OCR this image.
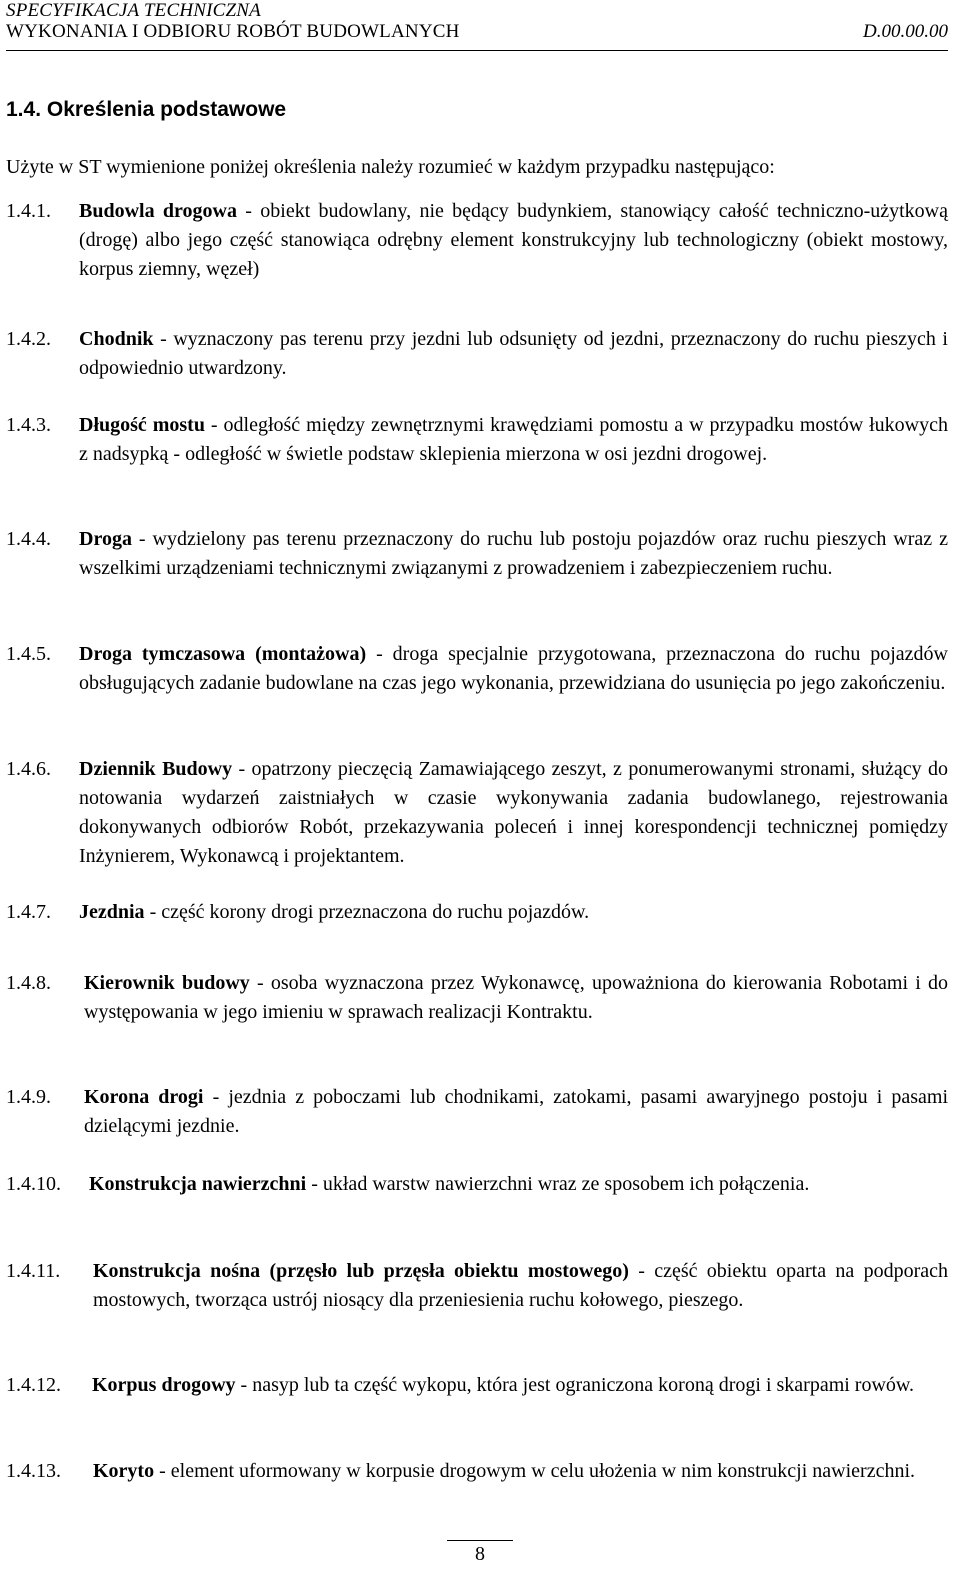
SPECYFIKACJA TECHNICZNA
WYKONANIA I ODBIORU ROBÓT BUDOWLANYCH	D.00.00.00
1.4. Określenia podstawowe
Użyte w ST wymienione poniżej określenia należy rozumieć w każdym przypadku następująco:
1.4.1.	Budowla drogowa - obiekt budowlany, nie będący budynkiem, stanowiący całość techniczno-użytkową (drogę) albo jego część stanowiąca odrębny element konstrukcyjny lub technologiczny (obiekt mostowy, korpus ziemny, węzeł)
1.4.2.	Chodnik - wyznaczony pas terenu przy jezdni lub odsunięty od jezdni, przeznaczony do ruchu pieszych i odpowiednio utwardzony.
1.4.3.	Długość mostu - odległość między zewnętrznymi krawędziami pomostu a w przypadku mostów łukowych z nadsypką - odległość w świetle podstaw sklepienia mierzona w osi jezdni drogowej.
1.4.4.	Droga - wydzielony pas terenu przeznaczony do ruchu lub postoju pojazdów oraz ruchu pieszych wraz z wszelkimi urządzeniami technicznymi związanymi z prowadzeniem i zabezpieczeniem ruchu.
1.4.5.	Droga tymczasowa (montażowa) - droga specjalnie przygotowana, przeznaczona do ruchu pojazdów obsługujących zadanie budowlane na czas jego wykonania, przewidziana do usunięcia po jego zakończeniu.
1.4.6.	Dziennik Budowy - opatrzony pieczęcią Zamawiającego zeszyt, z ponumerowanymi stronami, służący do notowania wydarzeń zaistniałych w czasie wykonywania zadania budowlanego, rejestrowania dokonywanych odbiorów Robót, przekazywania poleceń i innej korespondencji technicznej pomiędzy Inżynierem, Wykonawcą i projektantem.
1.4.7.	Jezdnia - część korony drogi przeznaczona do ruchu pojazdów.
1.4.8.	Kierownik budowy - osoba wyznaczona przez Wykonawcę, upoważniona do kierowania Robotami i do występowania w jego imieniu w sprawach realizacji Kontraktu.
1.4.9.	Korona drogi - jezdnia z poboczami lub chodnikami, zatokami, pasami awaryjnego postoju i pasami dzielącymi jezdnie.
1.4.10.	Konstrukcja nawierzchni - układ warstw nawierzchni wraz ze sposobem ich połączenia.
1.4.11.	Konstrukcja nośna (przęsło lub przęsła obiektu mostowego) - część obiektu oparta na podporach mostowych, tworząca ustrój niosący dla przeniesienia ruchu kołowego, pieszego.
1.4.12.	Korpus drogowy - nasyp lub ta część wykopu, która jest ograniczona koroną drogi i skarpami rowów.
1.4.13.	Koryto - element uformowany w korpusie drogowym w celu ułożenia w nim konstrukcji nawierzchni.
8
